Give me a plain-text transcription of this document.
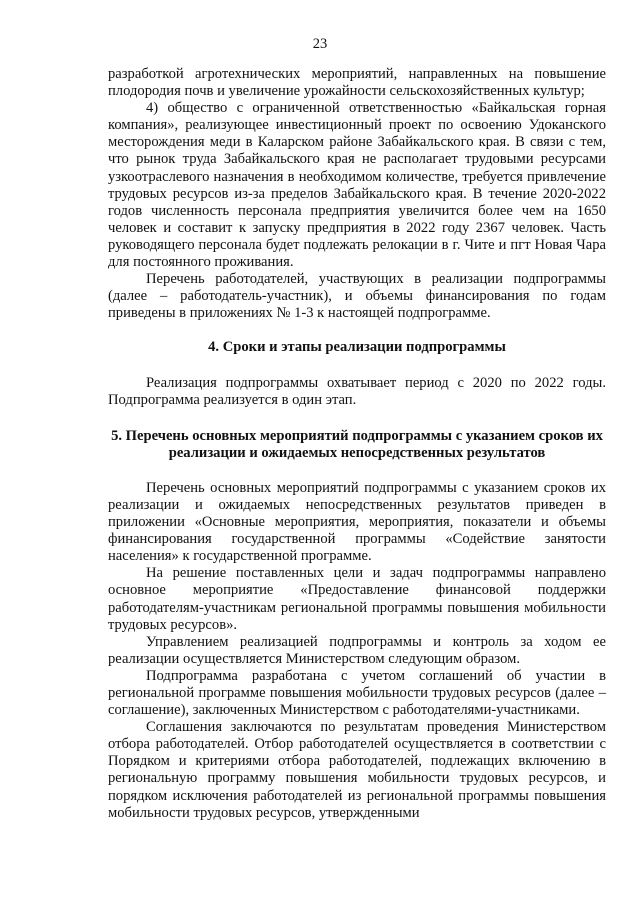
23

разработкой агротехнических мероприятий, направленных на повышение плодородия почв и увеличение урожайности сельскохозяйственных культур;

4) общество с ограниченной ответственностью «Байкальская горная компания», реализующее инвестиционный проект по освоению Удоканского месторождения меди в Каларском районе Забайкальского края. В связи с тем, что рынок труда Забайкальского края не располагает трудовыми ресурсами узкоотраслевого назначения в необходимом количестве, требуется привлечение трудовых ресурсов из-за пределов Забайкальского края. В течение 2020-2022 годов численность персонала предприятия увеличится более чем на 1650 человек и составит к запуску предприятия в 2022 году 2367 человек. Часть руководящего персонала будет подлежать релокации в г. Чите и пгт Новая Чара для постоянного проживания.

Перечень работодателей, участвующих в реализации подпрограммы (далее – работодатель-участник), и объемы финансирования по годам приведены в приложениях № 1-3 к настоящей подпрограмме.

4. Сроки и этапы реализации подпрограммы

Реализация подпрограммы охватывает период с 2020 по 2022 годы. Подпрограмма реализуется в один этап.

5. Перечень основных мероприятий подпрограммы с указанием сроков их реализации и ожидаемых непосредственных результатов

Перечень основных мероприятий подпрограммы с указанием сроков их реализации и ожидаемых непосредственных результатов приведен в приложении «Основные мероприятия, мероприятия, показатели и объемы финансирования государственной программы «Содействие занятости населения» к государственной программе.

На решение поставленных цели и задач подпрограммы направлено основное мероприятие «Предоставление финансовой поддержки работодателям-участникам региональной программы повышения мобильности трудовых ресурсов».

Управлением реализацией подпрограммы и контроль за ходом ее реализации осуществляется Министерством следующим образом.

Подпрограмма разработана с учетом соглашений об участии в региональной программе повышения мобильности трудовых ресурсов (далее – соглашение), заключенных Министерством с работодателями-участниками.

Соглашения заключаются по результатам проведения Министерством отбора работодателей. Отбор работодателей осуществляется в соответствии с Порядком и критериями отбора работодателей, подлежащих включению в региональную программу повышения мобильности трудовых ресурсов, и порядком исключения работодателей из региональной программы повышения мобильности трудовых ресурсов, утвержденными
